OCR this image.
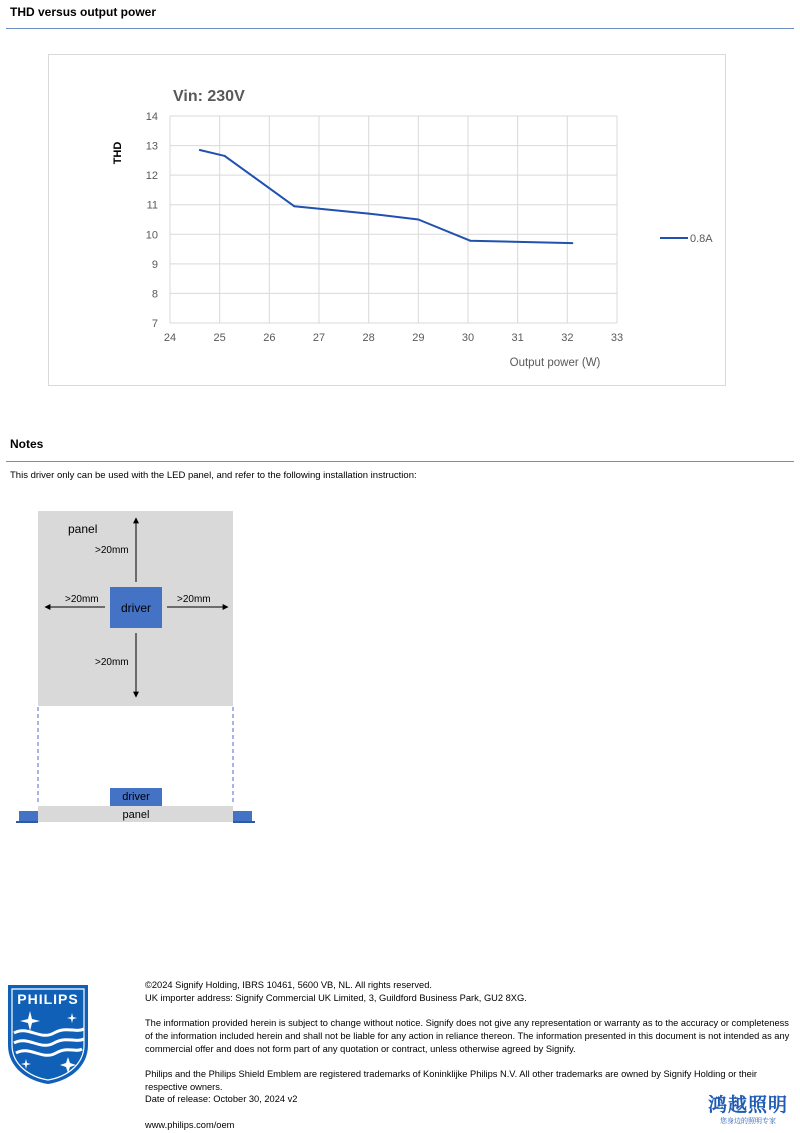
THD versus output power
Vin: 230V
24	25	26	27	28	29	30	31	32	33
7
8
9
10
11
12
13
14
THD
Output power (W)
0.8A
Notes
This driver only can be used with the LED panel, and refer to the following installation instruction:
panel
driver
>20mm
>20mm	>20mm
>20mm
driver
panel
PHILIPS

©2024 Signify Holding, IBRS 10461, 5600 VB, NL. All rights reserved.

UK importer address: Signify Commercial UK Limited, 3, Guildford Business Park, GU2 8XG.

The information provided herein is subject to change without notice. Signify does not give any representation or warranty as to the accuracy or completeness of the information included herein and shall not be liable for any action in reliance thereon. The information presented in this document is not intended as any commercial offer and does not form part of any quotation or contract, unless otherwise agreed by Signify.

Philips and the Philips Shield Emblem are registered trademarks of Koninklijke Philips N.V. All other trademarks are owned by Signify Holding or their respective owners.

Date of release: October 30, 2024 v2

www.philips.com/oem

鸿越照明
您身边的照明专家
